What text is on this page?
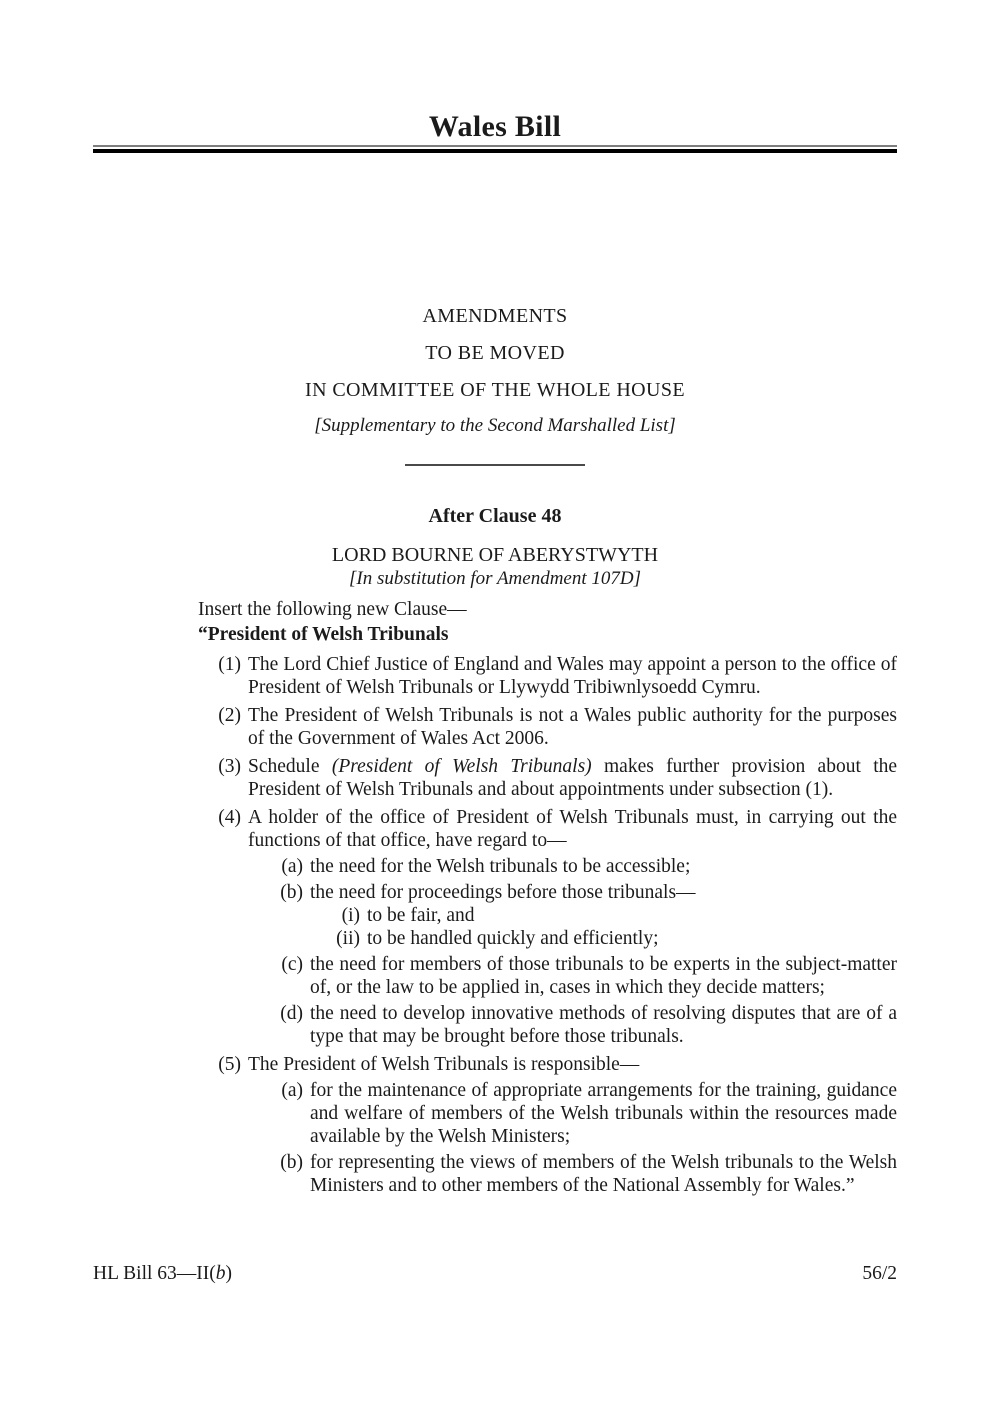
Wales Bill
AMENDMENTS
TO BE MOVED
IN COMMITTEE OF THE WHOLE HOUSE
[Supplementary to the Second Marshalled List]
After Clause 48
LORD BOURNE OF ABERYSTWYTH
[In substitution for Amendment 107D]
Insert the following new Clause—
“President of Welsh Tribunals
(1) The Lord Chief Justice of England and Wales may appoint a person to the office of President of Welsh Tribunals or Llywydd Tribiwnlysoedd Cymru.
(2) The President of Welsh Tribunals is not a Wales public authority for the purposes of the Government of Wales Act 2006.
(3) Schedule (President of Welsh Tribunals) makes further provision about the President of Welsh Tribunals and about appointments under subsection (1).
(4) A holder of the office of President of Welsh Tribunals must, in carrying out the functions of that office, have regard to—
(a) the need for the Welsh tribunals to be accessible;
(b) the need for proceedings before those tribunals—
(i) to be fair, and
(ii) to be handled quickly and efficiently;
(c) the need for members of those tribunals to be experts in the subject-matter of, or the law to be applied in, cases in which they decide matters;
(d) the need to develop innovative methods of resolving disputes that are of a type that may be brought before those tribunals.
(5) The President of Welsh Tribunals is responsible—
(a) for the maintenance of appropriate arrangements for the training, guidance and welfare of members of the Welsh tribunals within the resources made available by the Welsh Ministers;
(b) for representing the views of members of the Welsh tribunals to the Welsh Ministers and to other members of the National Assembly for Wales.”
HL Bill 63—II(b)	56/2
